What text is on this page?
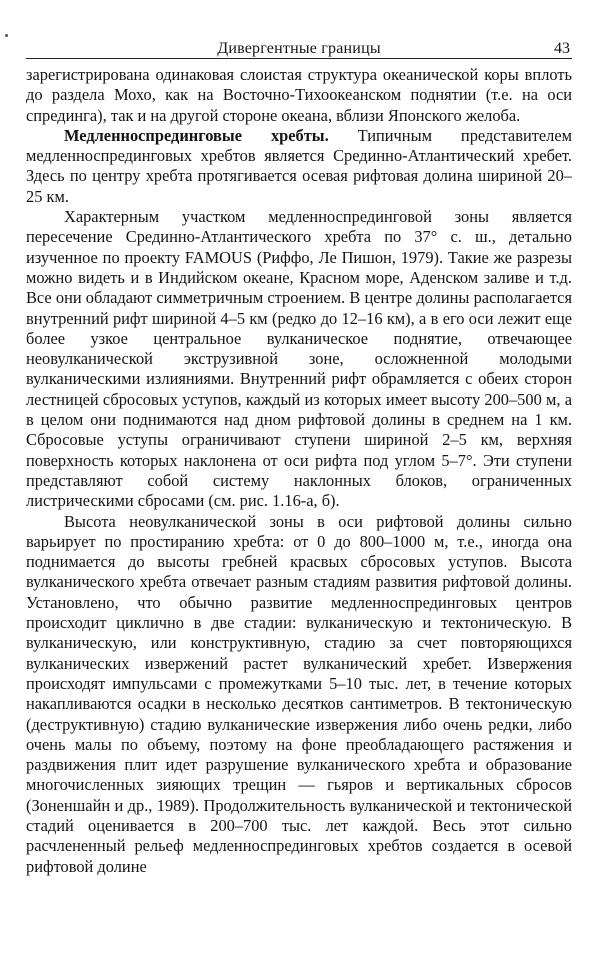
Дивергентные границы	43

зарегистрирована одинаковая слоистая структура океанической коры вплоть до раздела Мохо, как на Восточно-Тихоокеанском поднятии (т.е. на оси спрединга), так и на другой стороне океана, вблизи Японского желоба.

Медленноспрединговые хребты. Типичным представителем медленноспрединговых хребтов является Срединно-Атлантический хребет. Здесь по центру хребта протягивается осевая рифтовая долина шириной 20–25 км.

Характерным участком медленноспрединговой зоны является пересечение Срединно-Атлантического хребта по 37° с. ш., детально изученное по проекту FAMOUS (Риффо, Ле Пишон, 1979). Такие же разрезы можно видеть и в Индийском океане, Красном море, Аденском заливе и т.д. Все они обладают симметричным строением. В центре долины располагается внутренний рифт шириной 4–5 км (редко до 12–16 км), а в его оси лежит еще более узкое центральное вулканическое поднятие, отвечающее неовулканической экструзивной зоне, осложненной молодыми вулканическими излияниями. Внутренний рифт обрамляется с обеих сторон лестницей сбросовых уступов, каждый из которых имеет высоту 200–500 м, а в целом они поднимаются над дном рифтовой долины в среднем на 1 км. Сбросовые уступы ограничивают ступени шириной 2–5 км, верхняя поверхность которых наклонена от оси рифта под углом 5–7°. Эти ступени представляют собой систему наклонных блоков, ограниченных листрическими сбросами (см. рис. 1.16-а, б).

Высота неовулканической зоны в оси рифтовой долины сильно варьирует по простиранию хребта: от 0 до 800–1000 м, т.е., иногда она поднимается до высоты гребней красвых сбросовых уступов. Высота вулканического хребта отвечает разным стадиям развития рифтовой долины. Установлено, что обычно развитие медленноспрединговых центров происходит циклично в две стадии: вулканическую и тектоническую. В вулканическую, или конструктивную, стадию за счет повторяющихся вулканических извержений растет вулканический хребет. Извержения происходят импульсами с промежутками 5–10 тыс. лет, в течение которых накапливаются осадки в несколько десятков сантиметров. В тектоническую (деструктивную) стадию вулканические извержения либо очень редки, либо очень малы по объему, поэтому на фоне преобладающего растяжения и раздвижения плит идет разрушение вулканического хребта и образование многочисленных зияющих трещин — гьяров и вертикальных сбросов (Зоненшайн и др., 1989). Продолжительность вулканической и тектонической стадий оценивается в 200–700 тыс. лет каждой. Весь этот сильно расчлененный рельеф медленноспрединговых хребтов создается в осевой рифтовой долине
